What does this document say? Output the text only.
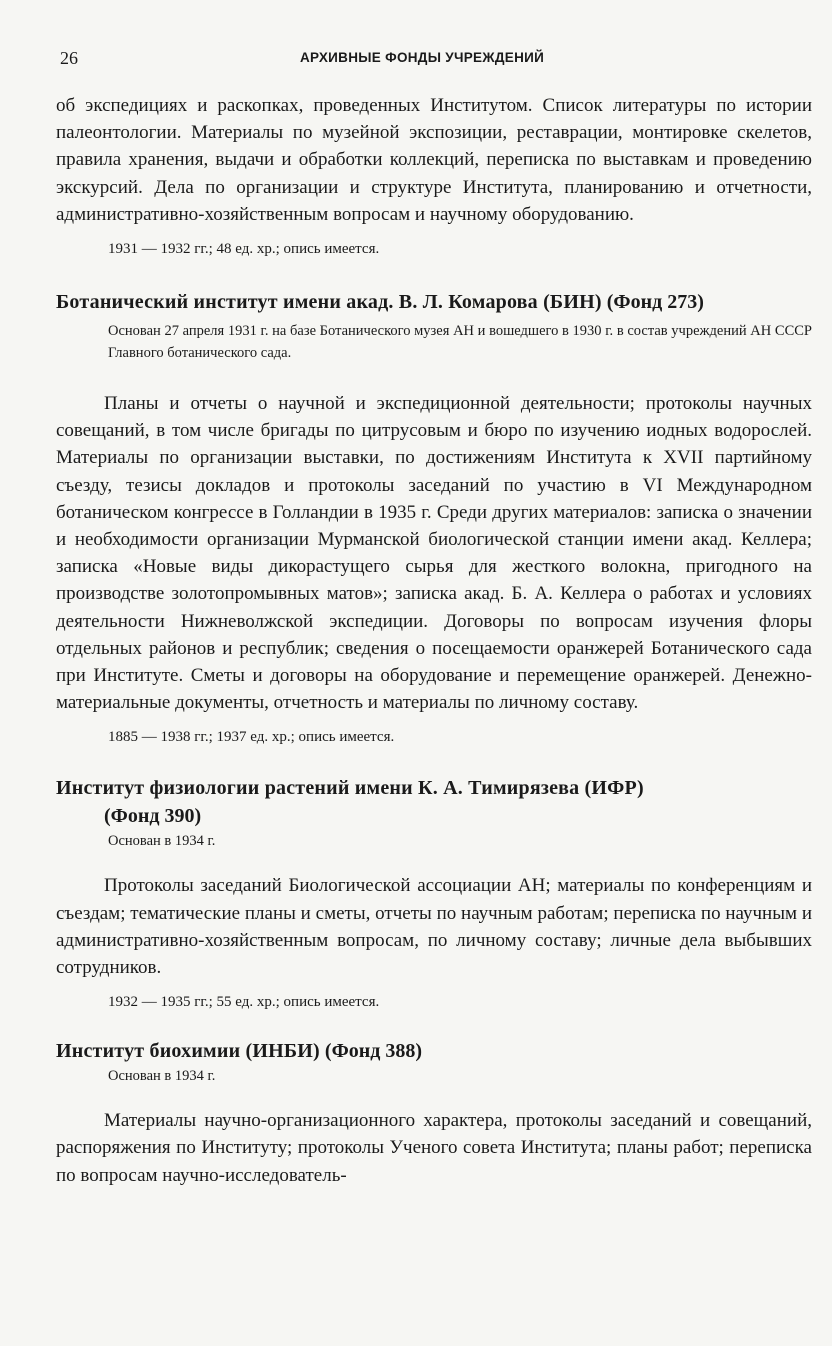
26	АРХИВНЫЕ ФОНДЫ УЧРЕЖДЕНИЙ

об экспедициях и раскопках, проведенных Институтом. Список литературы по истории палеонтологии. Материалы по музейной экспозиции, реставрации, монтировке скелетов, правила хранения, выдачи и обработки коллекций, переписка по выставкам и проведению экскурсий. Дела по организации и структуре Института, планированию и отчетности, административно-хозяйственным вопросам и научному оборудованию.

1931 — 1932 гг.; 48 ед. хр.; опись имеется.
Ботанический институт имени акад. В. Л. Комарова (БИН) (Фонд 273)
Основан 27 апреля 1931 г. на базе Ботанического музея АН и вошедшего в 1930 г. в состав учреждений АН СССР Главного ботанического сада.

Планы и отчеты о научной и экспедиционной деятельности; протоколы научных совещаний, в том числе бригады по цитрусовым и бюро по изучению иодных водорослей. Материалы по организации выставки, по достижениям Института к XVII партийному съезду, тезисы докладов и протоколы заседаний по участию в VI Международном ботаническом конгрессе в Голландии в 1935 г. Среди других материалов: записка о значении и необходимости организации Мурманской биологической станции имени акад. Келлера; записка «Новые виды дикорастущего сырья для жесткого волокна, пригодного на производстве золотопромывных матов»; записка акад. Б. А. Келлера о работах и условиях деятельности Нижневолжской экспедиции. Договоры по вопросам изучения флоры отдельных районов и республик; сведения о посещаемости оранжерей Ботанического сада при Институте. Сметы и договоры на оборудование и перемещение оранжерей. Денежно-материальные документы, отчетность и материалы по личному составу.

1885 — 1938 гг.; 1937 ед. хр.; опись имеется.
Институт физиологии растений имени К. А. Тимирязева (ИФР)
(Фонд 390)
Основан в 1934 г.

Протоколы заседаний Биологической ассоциации АН; материалы по конференциям и съездам; тематические планы и сметы, отчеты по научным работам; переписка по научным и административно-хозяйственным вопросам, по личному составу; личные дела выбывших сотрудников.

1932 — 1935 гг.; 55 ед. хр.; опись имеется.
Институт биохимии (ИНБИ) (Фонд 388)
Основан в 1934 г.

Материалы научно-организационного характера, протоколы заседаний и совещаний, распоряжения по Институту; протоколы Ученого совета Института; планы работ; переписка по вопросам научно-исследователь-
